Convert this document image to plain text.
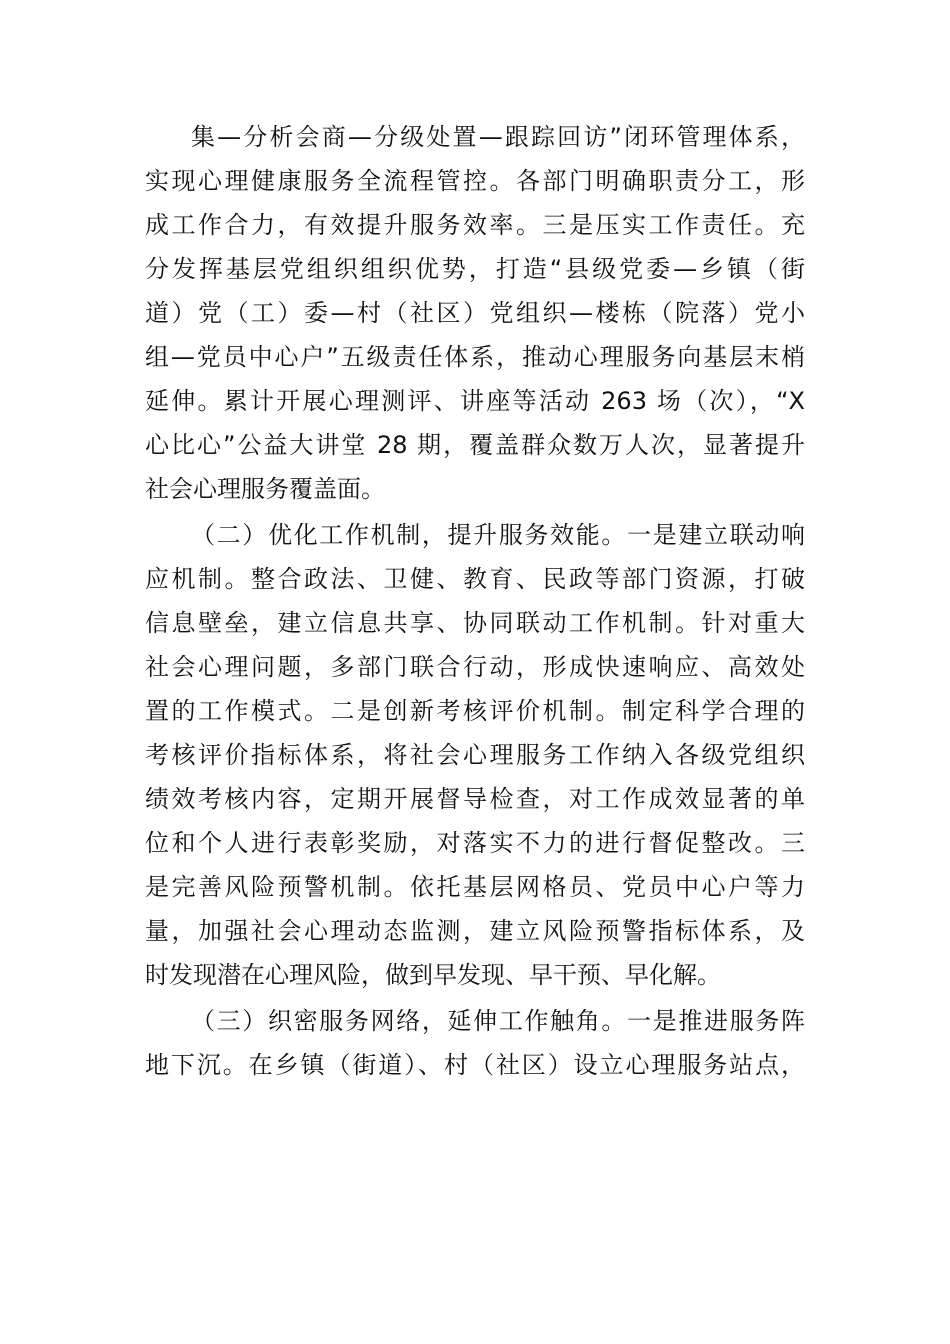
集—分析会商—分级处置—跟踪回访”闭环管理体系，
实现心理健康服务全流程管控。各部门明确职责分工，形
成工作合力，有效提升服务效率。三是压实工作责任。充
分发挥基层党组织组织优势，打造“县级党委—乡镇（街
道）党（工）委—村（社区）党组织—楼栋（院落）党小
组—党员中心户”五级责任体系，推动心理服务向基层末梢
延伸。累计开展心理测评、讲座等活动 263 场（次），“X
心比心”公益大讲堂 28 期，覆盖群众数万人次，显著提升
社会心理服务覆盖面。
（二）优化工作机制，提升服务效能。一是建立联动响
应机制。整合政法、卫健、教育、民政等部门资源，打破
信息壁垒，建立信息共享、协同联动工作机制。针对重大
社会心理问题，多部门联合行动，形成快速响应、高效处
置的工作模式。二是创新考核评价机制。制定科学合理的
考核评价指标体系，将社会心理服务工作纳入各级党组织
绩效考核内容，定期开展督导检查，对工作成效显著的单
位和个人进行表彰奖励，对落实不力的进行督促整改。三
是完善风险预警机制。依托基层网格员、党员中心户等力
量，加强社会心理动态监测，建立风险预警指标体系，及
时发现潜在心理风险，做到早发现、早干预、早化解。
（三）织密服务网络，延伸工作触角。一是推进服务阵
地下沉。在乡镇（街道）、村（社区）设立心理服务站点，
